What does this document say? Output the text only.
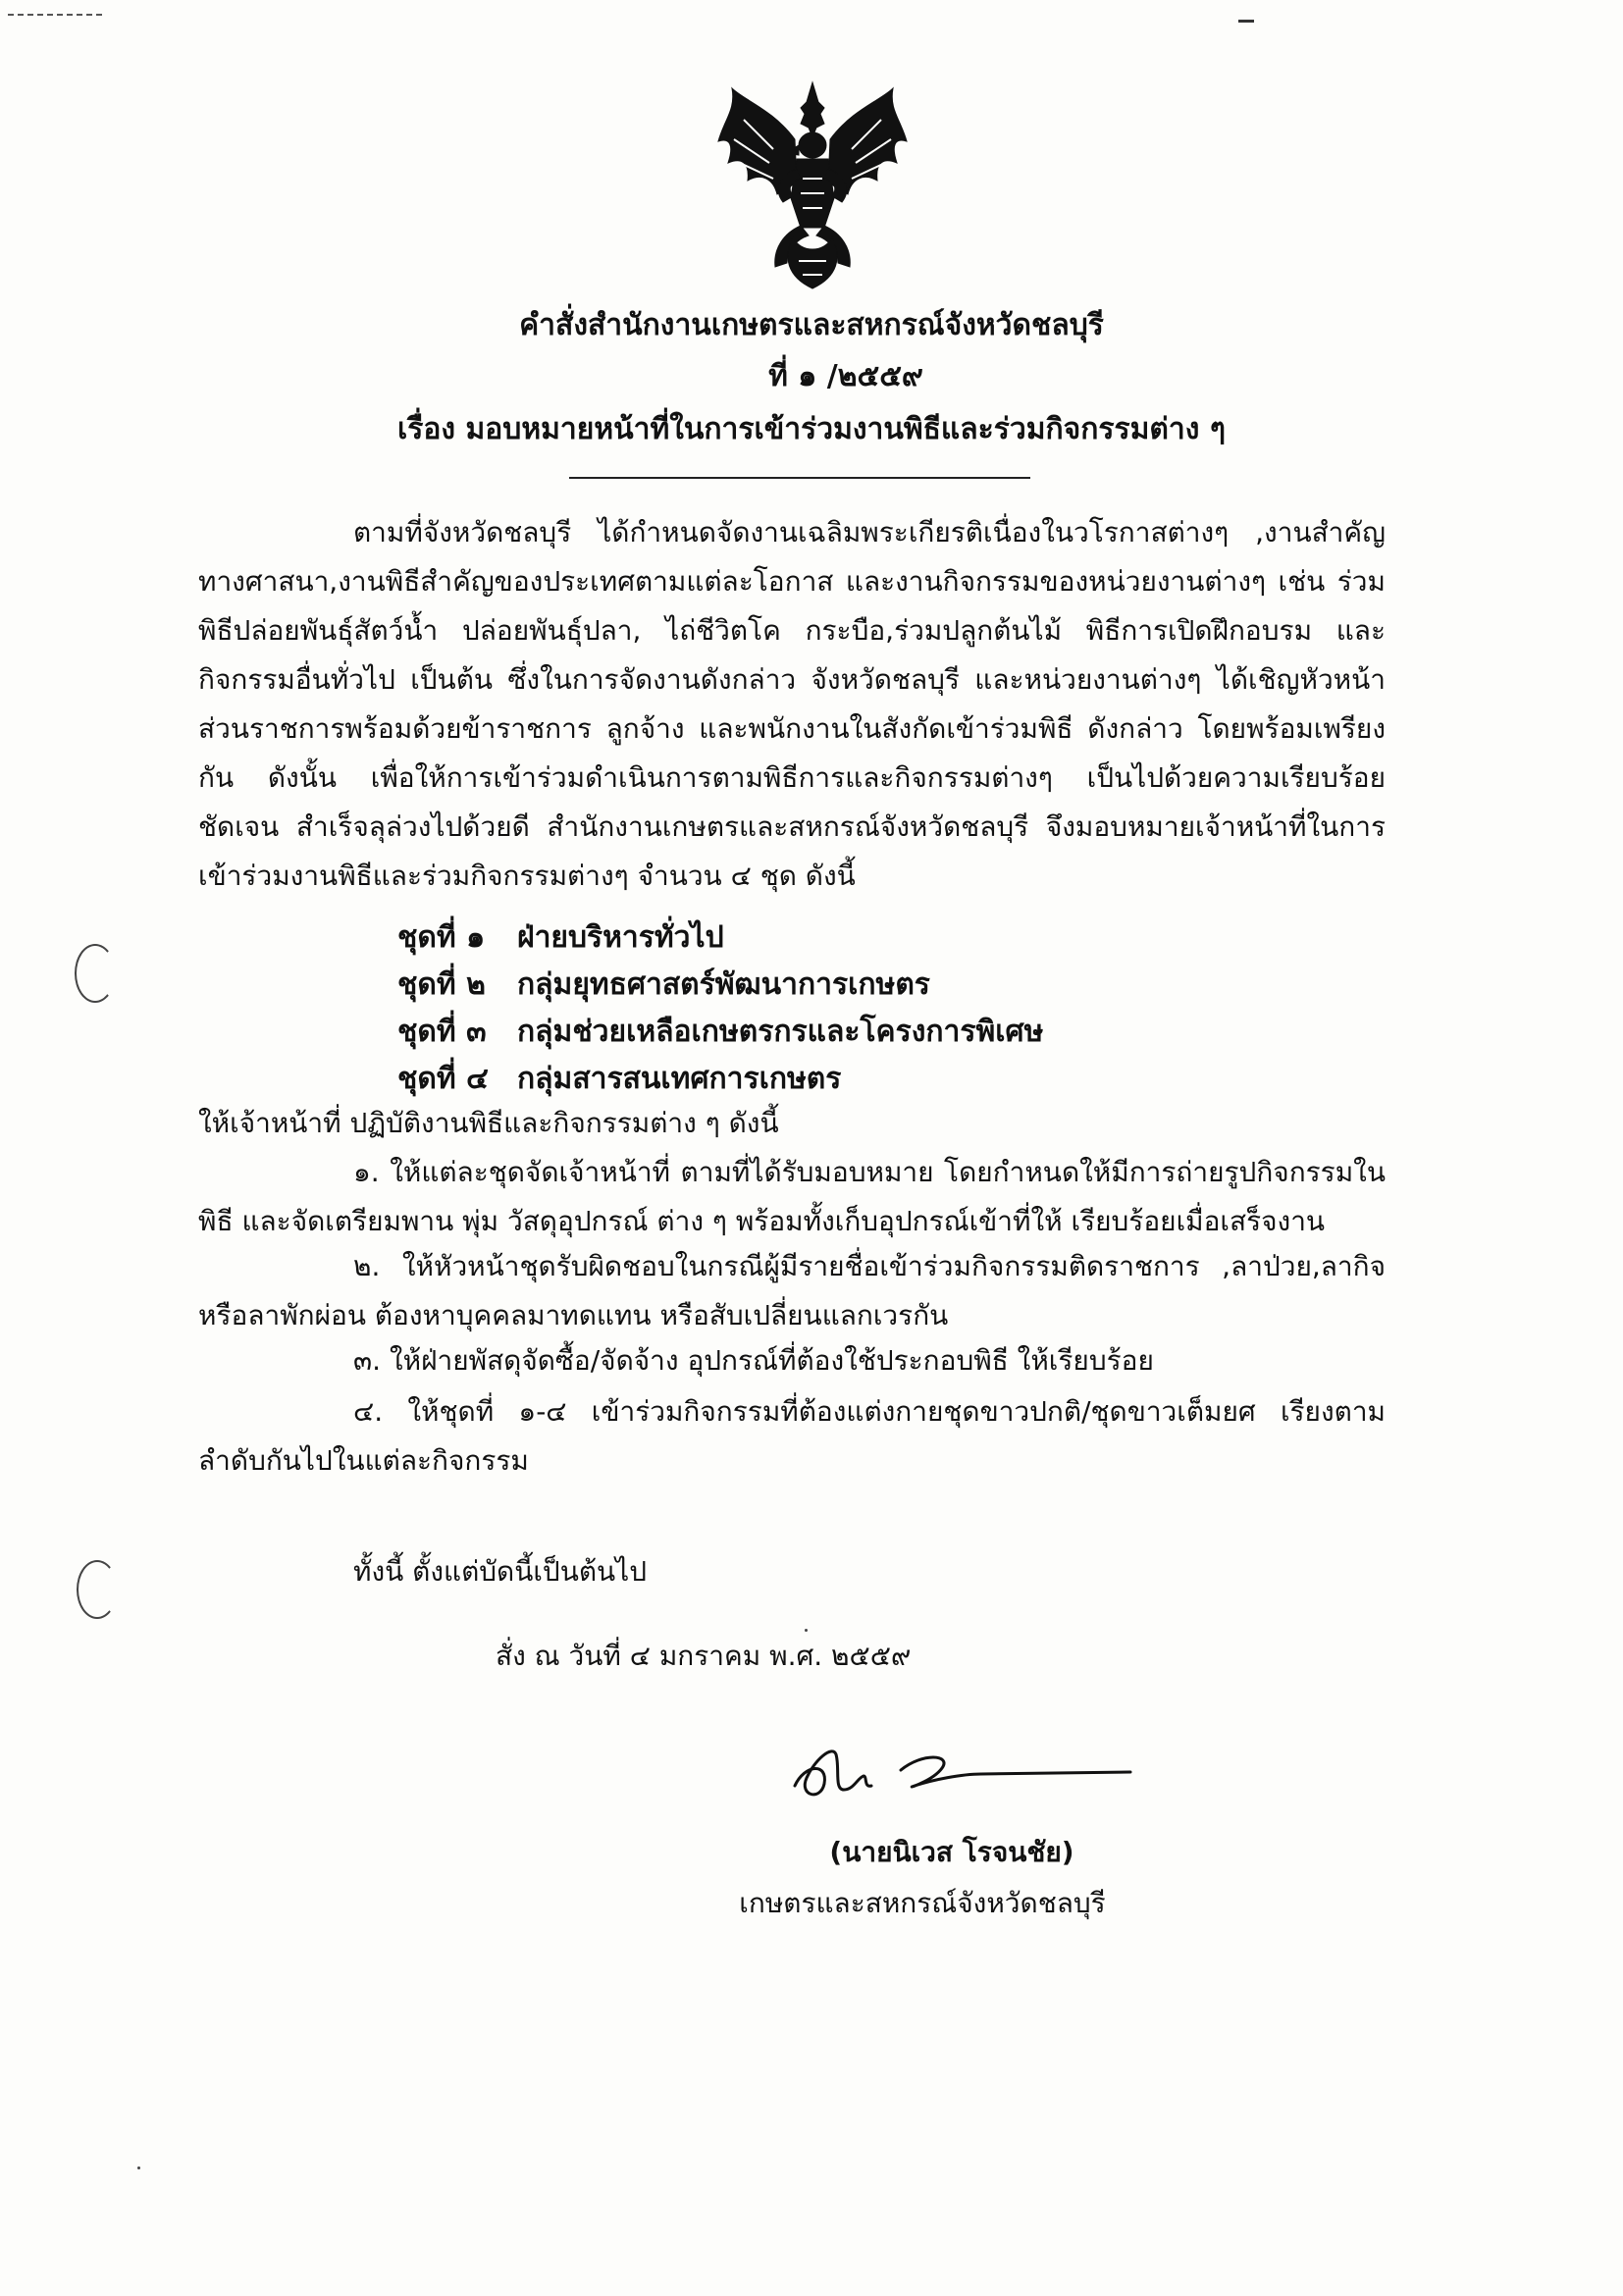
คำสั่งสำนักงานเกษตรและสหกรณ์จังหวัดชลบุรี
ที่ ๑ /๒๕๕๙
เรื่อง มอบหมายหน้าที่ในการเข้าร่วมงานพิธีและร่วมกิจกรรมต่าง ๆ

ตามที่จังหวัดชลบุรี ได้กำหนดจัดงานเฉลิมพระเกียรติเนื่องในวโรกาสต่างๆ ,งานสำคัญทางศาสนา,งานพิธีสำคัญของประเทศตามแต่ละโอกาส และงานกิจกรรมของหน่วยงานต่างๆ เช่น ร่วมพิธีปล่อยพันธุ์สัตว์น้ำ ปล่อยพันธุ์ปลา, ไถ่ชีวิตโค กระบือ,ร่วมปลูกต้นไม้ พิธีการเปิดฝึกอบรม และกิจกรรมอื่นทั่วไป เป็นต้น ซึ่งในการจัดงานดังกล่าว จังหวัดชลบุรี และหน่วยงานต่างๆ ได้เชิญหัวหน้าส่วนราชการพร้อมด้วยข้าราชการ ลูกจ้าง และพนักงานในสังกัดเข้าร่วมพิธี ดังกล่าว โดยพร้อมเพรียงกัน ดังนั้น เพื่อให้การเข้าร่วมดำเนินการตามพิธีการและกิจกรรมต่างๆ เป็นไปด้วยความเรียบร้อย ชัดเจน สำเร็จลุล่วงไปด้วยดี สำนักงานเกษตรและสหกรณ์จังหวัดชลบุรี จึงมอบหมายเจ้าหน้าที่ในการเข้าร่วมงานพิธีและร่วมกิจกรรมต่างๆ จำนวน ๔ ชุด ดังนี้

ชุดที่ ๑	ฝ่ายบริหารทั่วไป
ชุดที่ ๒	กลุ่มยุทธศาสตร์พัฒนาการเกษตร
ชุดที่ ๓	กลุ่มช่วยเหลือเกษตรกรและโครงการพิเศษ
ชุดที่ ๔ กลุ่มสารสนเทศการเกษตร

ให้เจ้าหน้าที่ ปฏิบัติงานพิธีและกิจกรรมต่าง ๆ ดังนี้

๑. ให้แต่ละชุดจัดเจ้าหน้าที่ ตามที่ได้รับมอบหมาย โดยกำหนดให้มีการถ่ายรูปกิจกรรมในพิธี และจัดเตรียมพาน พุ่ม วัสดุอุปกรณ์ ต่าง ๆ พร้อมทั้งเก็บอุปกรณ์เข้าที่ให้ เรียบร้อยเมื่อเสร็จงาน

๒. ให้หัวหน้าชุดรับผิดชอบในกรณีผู้มีรายชื่อเข้าร่วมกิจกรรมติดราชการ ,ลาป่วย,ลากิจหรือลาพักผ่อน ต้องหาบุคคลมาทดแทน หรือสับเปลี่ยนแลกเวรกัน

๓. ให้ฝ่ายพัสดุจัดซื้อ/จัดจ้าง อุปกรณ์ที่ต้องใช้ประกอบพิธี ให้เรียบร้อย

๔. ให้ชุดที่ ๑-๔ เข้าร่วมกิจกรรมที่ต้องแต่งกายชุดขาวปกติ/ชุดขาวเต็มยศ เรียงตามลำดับกันไปในแต่ละกิจกรรม

ทั้งนี้ ตั้งแต่บัดนี้เป็นต้นไป

สั่ง ณ วันที่ ๔ มกราคม พ.ศ. ๒๕๕๙

(นายนิเวส โรจนชัย)
เกษตรและสหกรณ์จังหวัดชลบุรี
